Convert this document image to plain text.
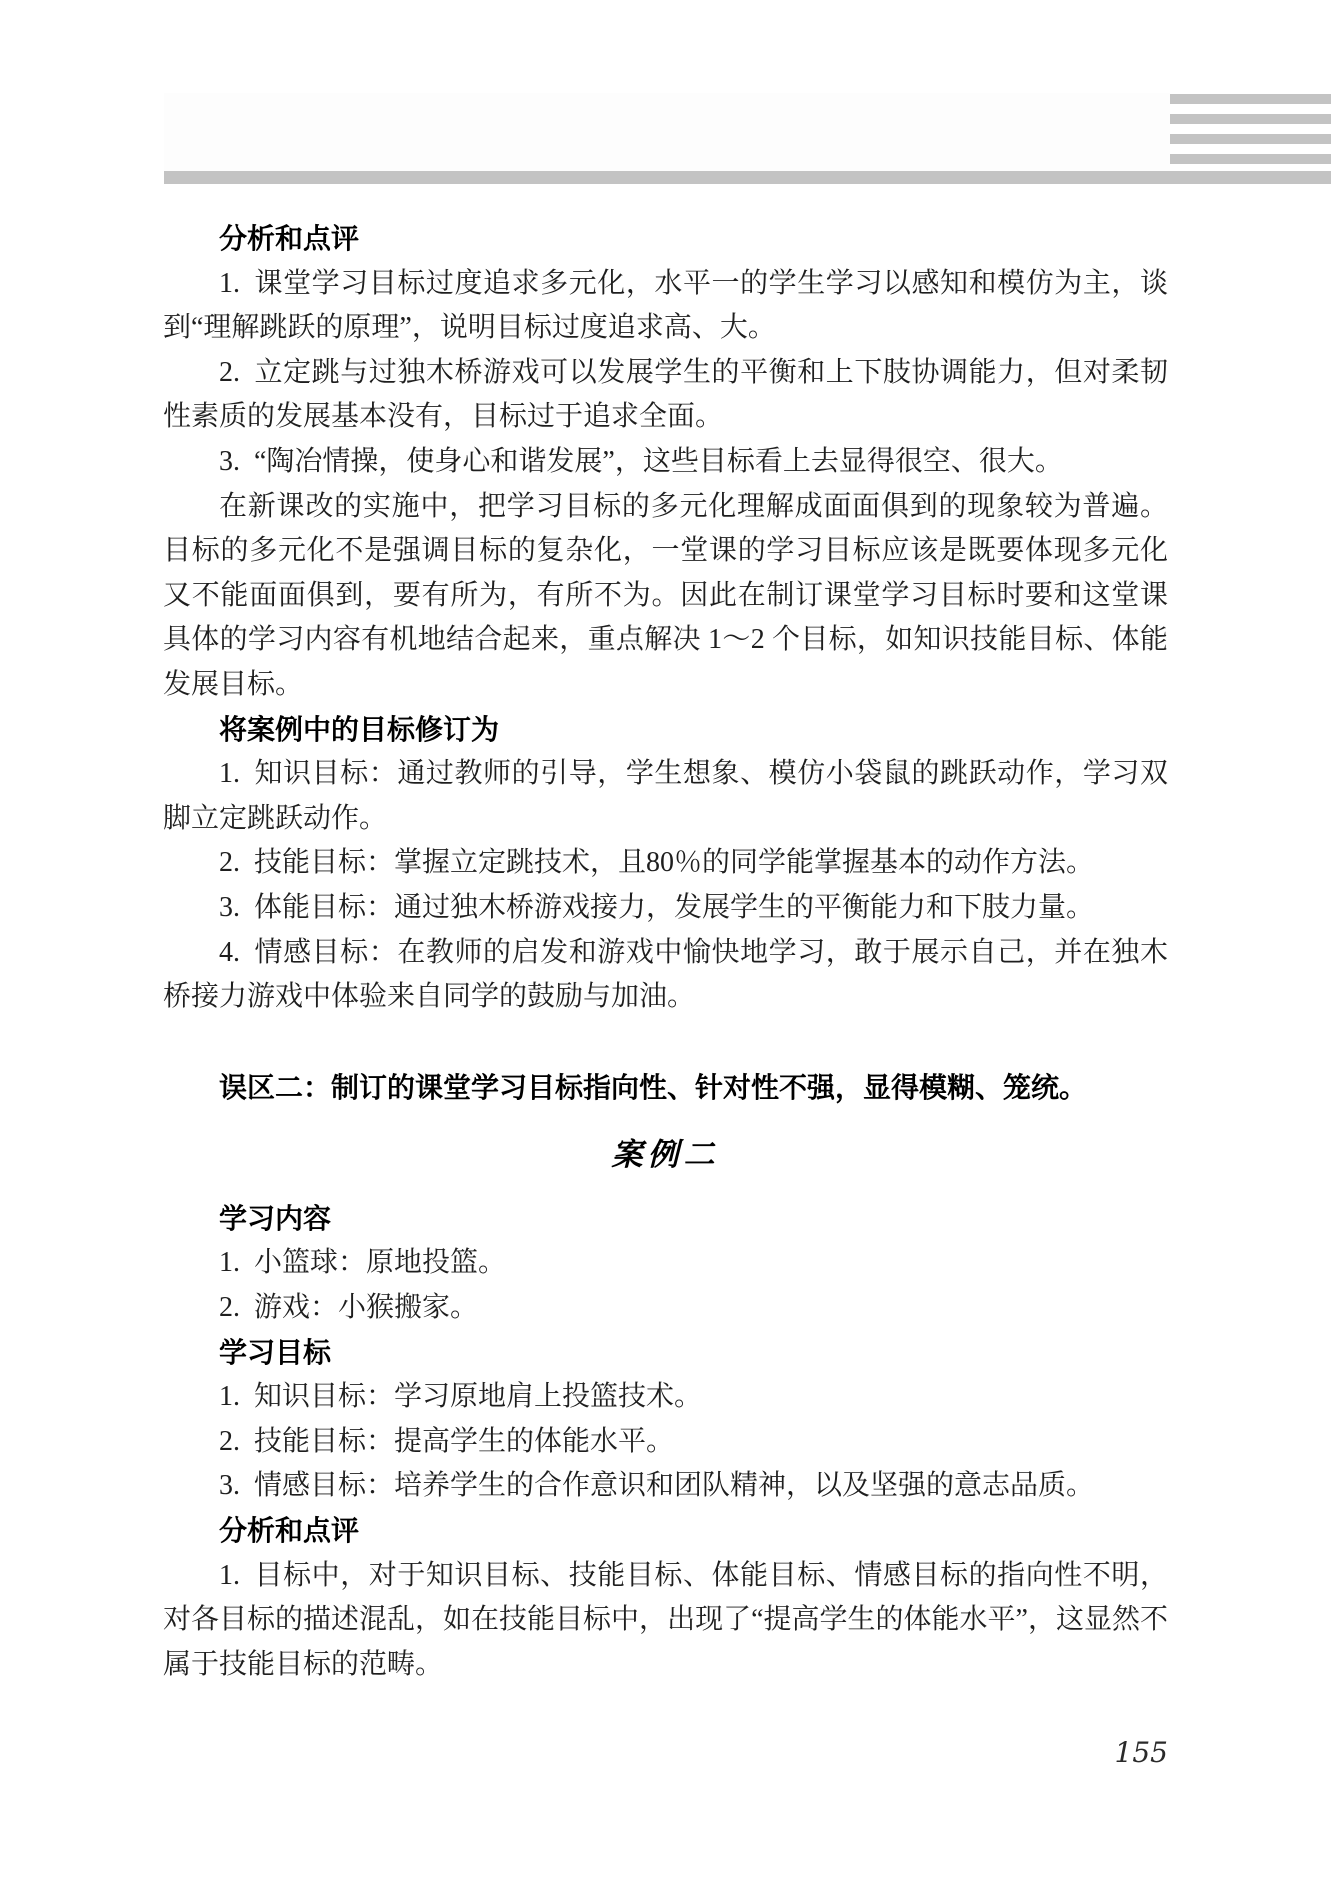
分析和点评

1. 课堂学习目标过度追求多元化，水平一的学生学习以感知和模仿为主，谈到“理解跳跃的原理”，说明目标过度追求高、大。

2. 立定跳与过独木桥游戏可以发展学生的平衡和上下肢协调能力，但对柔韧性素质的发展基本没有，目标过于追求全面。

3. “陶冶情操，使身心和谐发展”，这些目标看上去显得很空、很大。

在新课改的实施中，把学习目标的多元化理解成面面俱到的现象较为普遍。目标的多元化不是强调目标的复杂化，一堂课的学习目标应该是既要体现多元化又不能面面俱到，要有所为，有所不为。因此在制订课堂学习目标时要和这堂课具体的学习内容有机地结合起来，重点解决 1～2 个目标，如知识技能目标、体能发展目标。

将案例中的目标修订为

1. 知识目标：通过教师的引导，学生想象、模仿小袋鼠的跳跃动作，学习双脚立定跳跃动作。

2. 技能目标：掌握立定跳技术，且80％的同学能掌握基本的动作方法。

3. 体能目标：通过独木桥游戏接力，发展学生的平衡能力和下肢力量。

4. 情感目标：在教师的启发和游戏中愉快地学习，敢于展示自己，并在独木桥接力游戏中体验来自同学的鼓励与加油。

误区二：制订的课堂学习目标指向性、针对性不强，显得模糊、笼统。

案例二

学习内容

1. 小篮球：原地投篮。

2. 游戏：小猴搬家。

学习目标

1. 知识目标：学习原地肩上投篮技术。

2. 技能目标：提高学生的体能水平。

3. 情感目标：培养学生的合作意识和团队精神，以及坚强的意志品质。

分析和点评

1. 目标中，对于知识目标、技能目标、体能目标、情感目标的指向性不明，对各目标的描述混乱，如在技能目标中，出现了“提高学生的体能水平”，这显然不属于技能目标的范畴。

155
